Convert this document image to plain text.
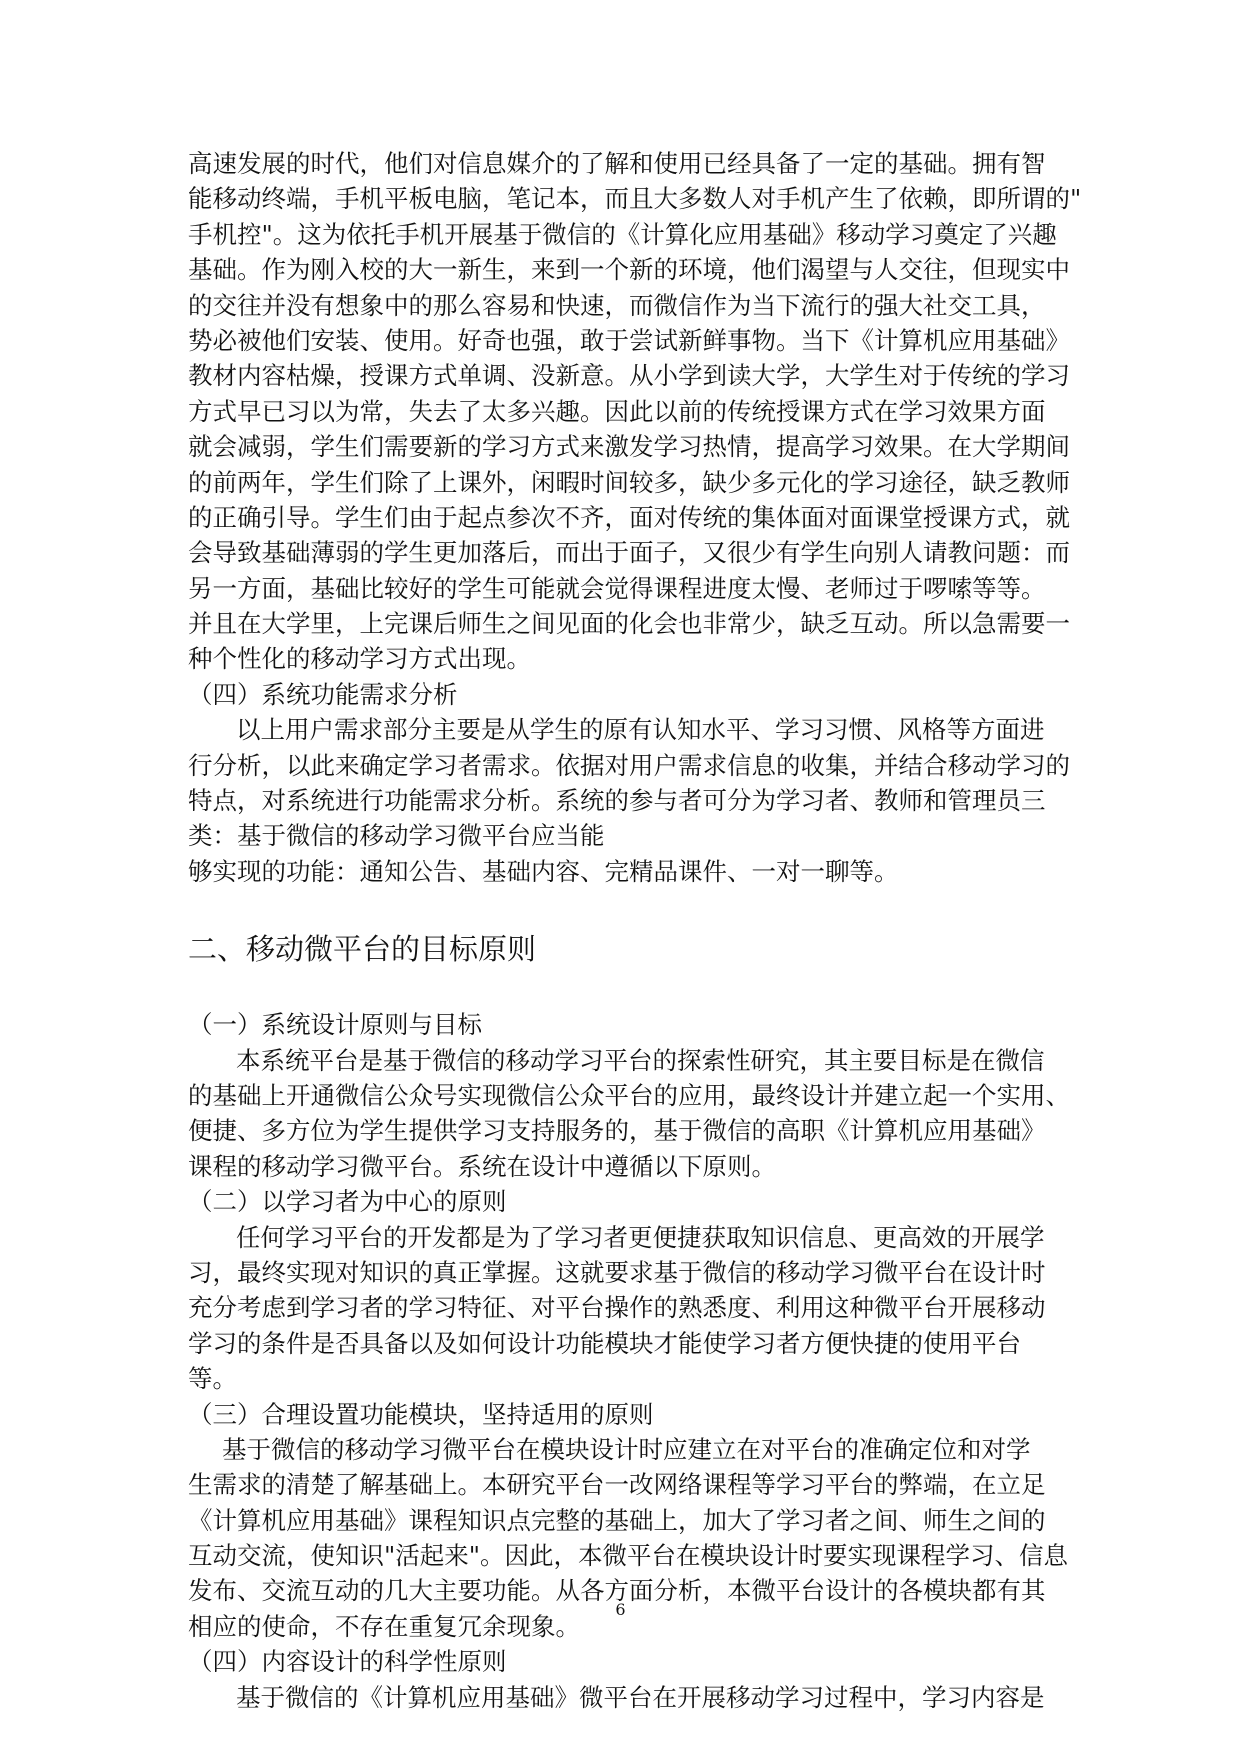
高速发展的时代，他们对信息媒介的了解和使用已经具备了一定的基础。拥有智
能移动终端，手机平板电脑，笔记本，而且大多数人对手机产生了依赖，即所谓的"
手机控"。这为依托手机开展基于微信的《计算化应用基础》移动学习奠定了兴趣
基础。作为刚入校的大一新生，来到一个新的环境，他们渴望与人交往，但现实中
的交往并没有想象中的那么容易和快速，而微信作为当下流行的强大社交工具，
势必被他们安装、使用。好奇也强，敢于尝试新鲜事物。当下《计算机应用基础》
教材内容枯燥，授课方式单调、没新意。从小学到读大学，大学生对于传统的学习
方式早已习以为常，失去了太多兴趣。因此以前的传统授课方式在学习效果方面
就会减弱，学生们需要新的学习方式来激发学习热情，提高学习效果。在大学期间
的前两年，学生们除了上课外，闲暇时间较多，缺少多元化的学习途径，缺乏教师
的正确引导。学生们由于起点参次不齐，面对传统的集体面对面课堂授课方式，就
会导致基础薄弱的学生更加落后，而出于面子，又很少有学生向别人请教问题：而
另一方面，基础比较好的学生可能就会觉得课程进度太慢、老师过于啰嗦等等。
并且在大学里，上完课后师生之间见面的化会也非常少，缺乏互动。所以急需要一
种个性化的移动学习方式出现。
（四）系统功能需求分析
以上用户需求部分主要是从学生的原有认知水平、学习习惯、风格等方面进
行分析，以此来确定学习者需求。依据对用户需求信息的收集，并结合移动学习的
特点，对系统进行功能需求分析。系统的参与者可分为学习者、教师和管理员三
类：基于微信的移动学习微平台应当能
够实现的功能：通知公告、基础内容、完精品课件、一对一聊等。
二、移动微平台的目标原则
（一）系统设计原则与目标
本系统平台是基于微信的移动学习平台的探索性研究，其主要目标是在微信
的基础上开通微信公众号实现微信公众平台的应用，最终设计并建立起一个实用、
便捷、多方位为学生提供学习支持服务的，基于微信的高职《计算机应用基础》
课程的移动学习微平台。系统在设计中遵循以下原则。
（二）以学习者为中心的原则
任何学习平台的开发都是为了学习者更便捷获取知识信息、更高效的开展学
习，最终实现对知识的真正掌握。这就要求基于微信的移动学习微平台在设计时
充分考虑到学习者的学习特征、对平台操作的熟悉度、利用这种微平台开展移动
学习的条件是否具备以及如何设计功能模块才能使学习者方便快捷的使用平台
等。
（三）合理设置功能模块，坚持适用的原则
基于微信的移动学习微平台在模块设计时应建立在对平台的准确定位和对学
生需求的清楚了解基础上。本研究平台一改网络课程等学习平台的弊端，在立足
《计算机应用基础》课程知识点完整的基础上，加大了学习者之间、师生之间的
互动交流，使知识"活起来"。因此，本微平台在模块设计时要实现课程学习、信息
发布、交流互动的几大主要功能。从各方面分析，本微平台设计的各模块都有其
相应的使命，不存在重复冗余现象。
（四）内容设计的科学性原则
基于微信的《计算机应用基础》微平台在开展移动学习过程中，学习内容是
6
